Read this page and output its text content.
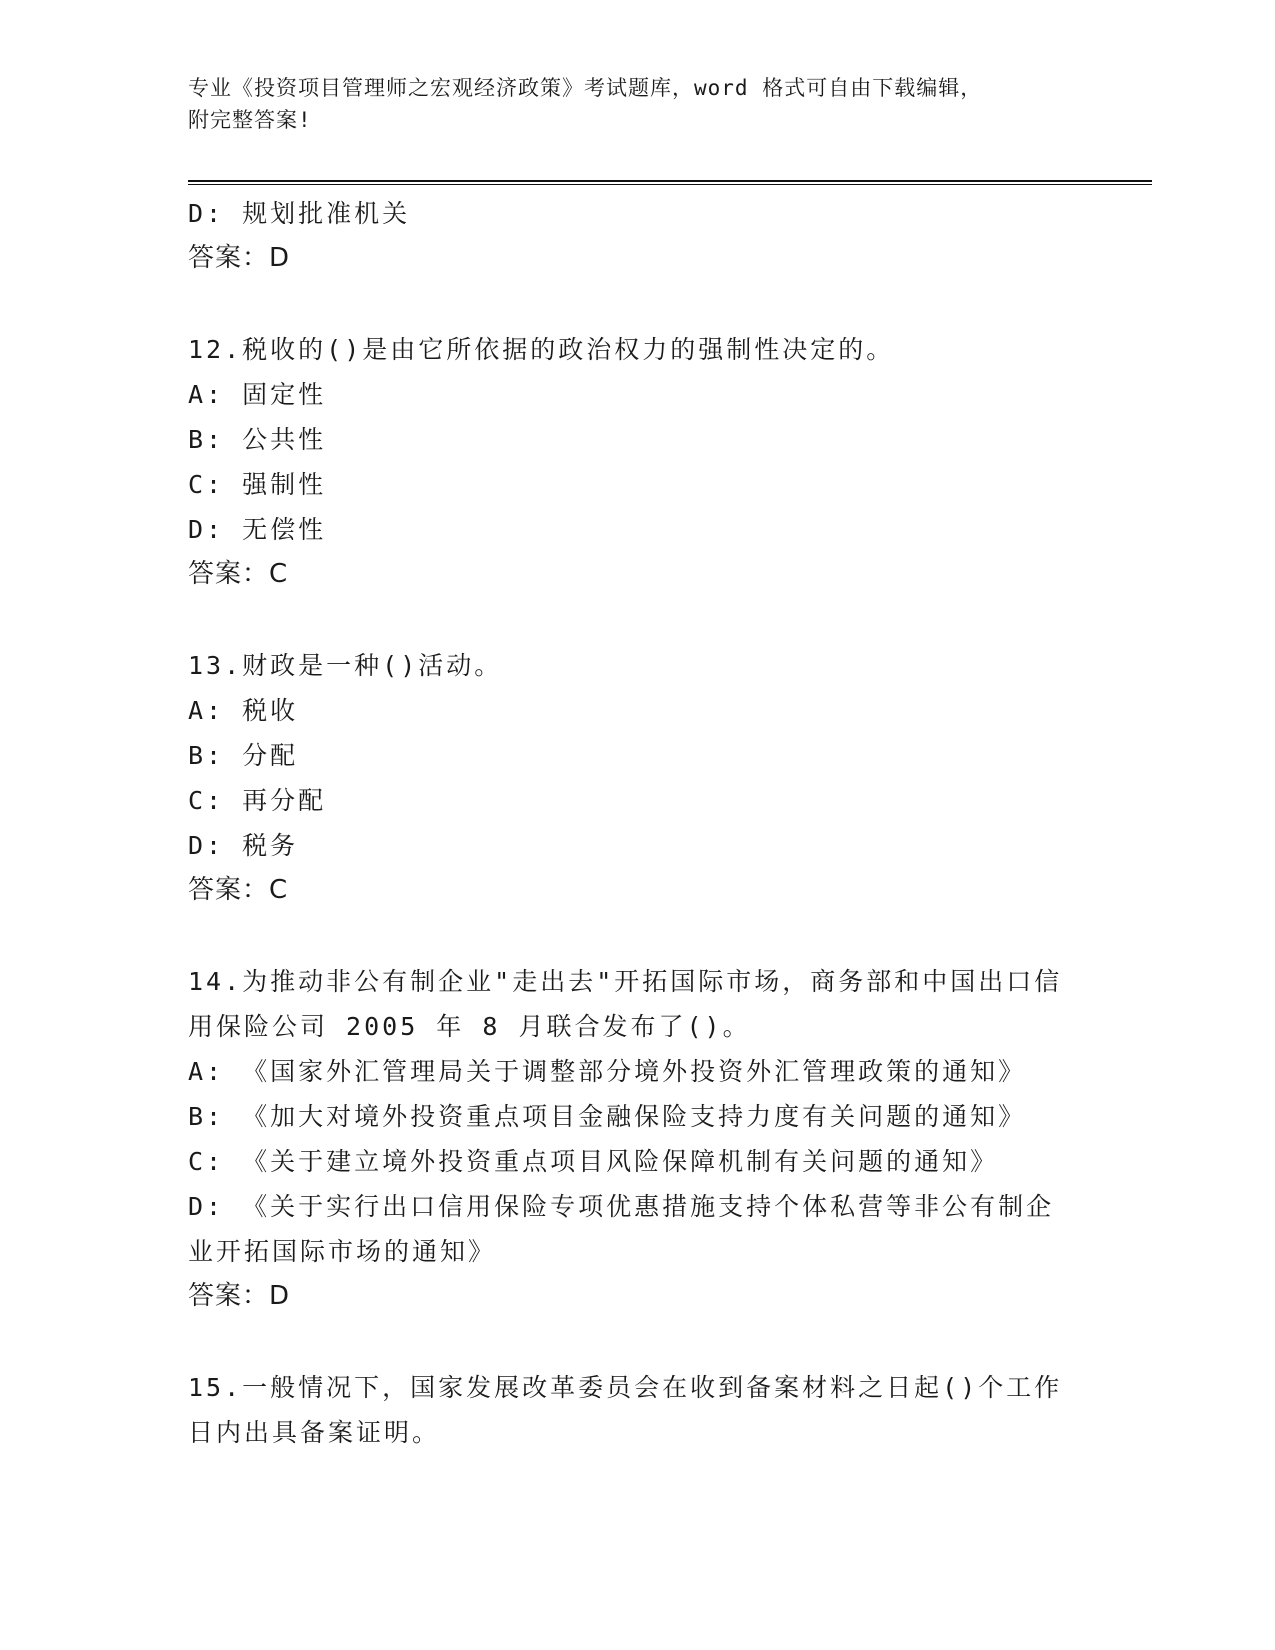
专业《投资项目管理师之宏观经济政策》考试题库，word 格式可自由下载编辑，
附完整答案!
D: 规划批准机关
答案：D
12.税收的()是由它所依据的政治权力的强制性决定的。
A: 固定性
B: 公共性
C: 强制性
D: 无偿性
答案：C
13.财政是一种()活动。
A: 税收
B: 分配
C: 再分配
D: 税务
答案：C
14.为推动非公有制企业"走出去"开拓国际市场，商务部和中国出口信
用保险公司 2005 年 8 月联合发布了()。
A: 《国家外汇管理局关于调整部分境外投资外汇管理政策的通知》
B: 《加大对境外投资重点项目金融保险支持力度有关问题的通知》
C: 《关于建立境外投资重点项目风险保障机制有关问题的通知》
D: 《关于实行出口信用保险专项优惠措施支持个体私营等非公有制企
业开拓国际市场的通知》
答案：D
15.一般情况下，国家发展改革委员会在收到备案材料之日起()个工作
日内出具备案证明。
